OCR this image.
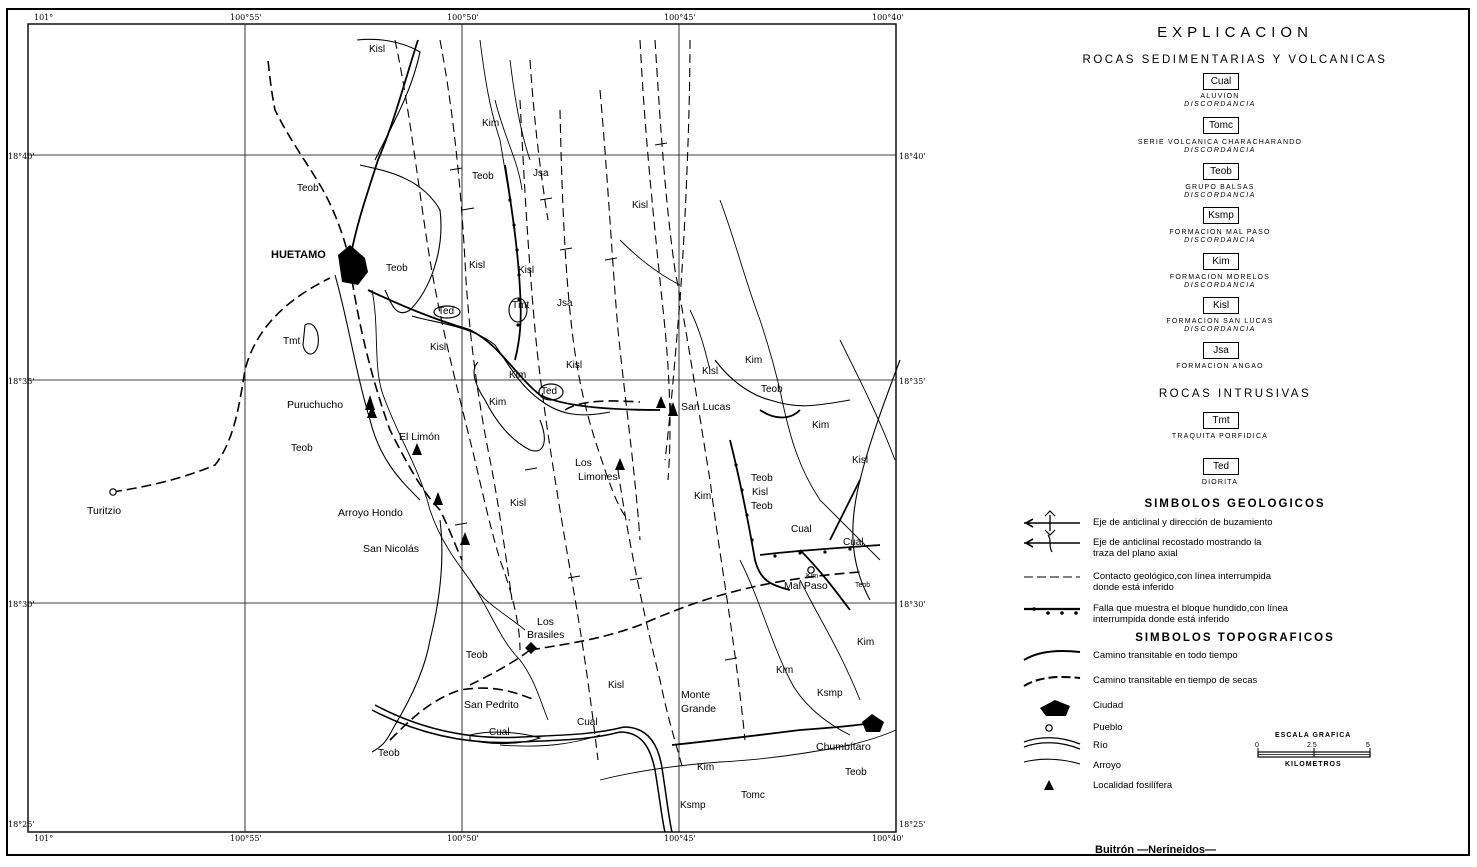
101°	100°55'	100°50'	100°45'	100°40'
101°	100°55'	100°50'	100°45'	100°40'
18°40'
18°35'
18°30'
18°25'
18°40'
18°35'
18°30'
18°25'
HUETAMO
Turitzio
Puruchucho
El Limón
Arroyo Hondo
San Nicolás
Los
Limones
San Lucas
Mal Paso
Los
Brasiles
San Pedrito
Monte
Grande
Chumbítaro
Kisl
Teob
Teob
Kim
Teob	Jsa
Kisl
Kisl	Kisl
Jsa
Tmt
Tmt
Ted
Kisl
Kisl
Kim
Ted
Kim
Teob
Kisl
Kim
Teob
Kim
Kisl
Teob
Kisl
Teob
Kim
Kisl
Cual
Cual
Kim
Teob
Kim
Teob
Kisl
Kim
Ksmp
Cual
Cual
Teob
Kim
Ksmp
Tomc
Teob
EXPLICACION
ROCAS SEDIMENTARIAS Y VOLCANICAS
Cual
ALUVION
DISCORDANCIA
Tomc
SERIE VOLCANICA CHARACHARANDO
DISCORDANCIA
Teob
GRUPO BALSAS
DISCORDANCIA
Ksmp
FORMACION MAL PASO
DISCORDANCIA
Kim
FORMACION MORELOS
DISCORDANCIA
Kisl
FORMACION SAN LUCAS
DISCORDANCIA
Jsa
FORMACION ANGAO
ROCAS INTRUSIVAS
Tmt
TRAQUITA PORFIDICA
Ted
DIORITA
SIMBOLOS GEOLOGICOS
Eje de anticlinal y dirección de buzamiento
Eje de anticlinal recostado mostrando la
traza del plano axial
Contacto geológico,con línea interrumpida
donde está inferido
Falla que muestra el bloque hundido,con línea
interrumpida donde está inferido
SIMBOLOS TOPOGRAFICOS
Camino transitable en todo tiempo
Camino transitable en tiempo de secas
Ciudad
Pueblo
Río
Arroyo
Localidad fosilífera
ESCALA GRAFICA
0	2.5	5
KILOMETROS
Buitrón —Nerineidos—
